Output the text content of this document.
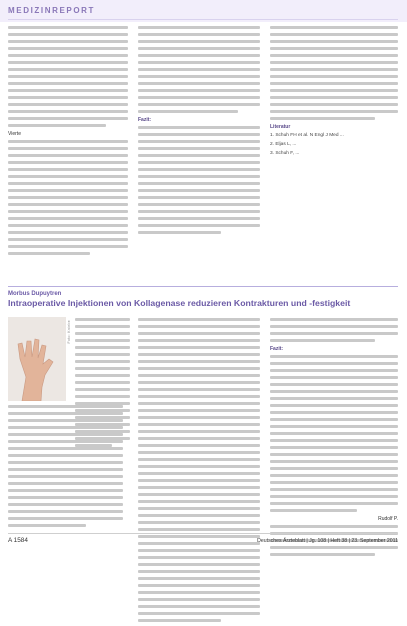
MEDIZINREPORT
Vierte
Fazit:
Literatur
1. Schuh FH et al. N Engl J Med ...
2. Eljas L, ...
3. Schuh F, ...
Morbus Dupuytren
Intraoperative Injektionen von Kollagenase reduzieren Kontrakturen und -festigkeit
Foto: Kniebe
Fazit:
Rudolf P.
A 1584	Deutsches Ärzteblatt | Jg. 108 | Heft 38 | 23. September 2011
